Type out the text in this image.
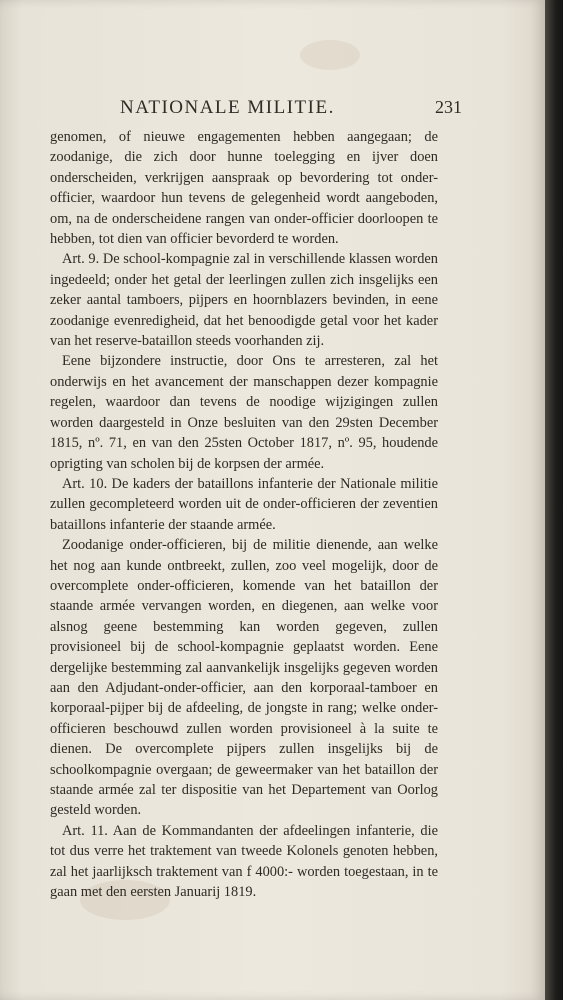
NATIONALE MILITIE.	231

genomen, of nieuwe engagementen hebben aangegaan; de zoodanige, die zich door hunne toelegging en ijver doen onderscheiden, verkrijgen aanspraak op bevordering tot onder-officier, waardoor hun tevens de gelegenheid wordt aangeboden, om, na de onderscheidene rangen van onder-officier doorloopen te hebben, tot dien van officier bevorderd te worden.

Art. 9. De school-kompagnie zal in verschillende klassen worden ingedeeld; onder het getal der leerlingen zullen zich insgelijks een zeker aantal tamboers, pijpers en hoornblazers bevinden, in eene zoodanige evenredigheid, dat het benoodigde getal voor het kader van het reserve-bataillon steeds voorhanden zij.

Eene bijzondere instructie, door Ons te arresteren, zal het onderwijs en het avancement der manschappen dezer kompagnie regelen, waardoor dan tevens de noodige wijzigingen zullen worden daargesteld in Onze besluiten van den 29sten December 1815, nº. 71, en van den 25sten October 1817, nº. 95, houdende oprigting van scholen bij de korpsen der armée.

Art. 10. De kaders der bataillons infanterie der Nationale militie zullen gecompleteerd worden uit de onder-officieren der zeventien bataillons infanterie der staande armée.

Zoodanige onder-officieren, bij de militie dienende, aan welke het nog aan kunde ontbreekt, zullen, zoo veel mogelijk, door de overcomplete onder-officieren, komende van het bataillon der staande armée vervangen worden, en diegenen, aan welke voor alsnog geene bestemming kan worden gegeven, zullen provisioneel bij de school-kompagnie geplaatst worden. Eene dergelijke bestemming zal aanvankelijk insgelijks gegeven worden aan den Adjudant-onder-officier, aan den korporaal-tamboer en korporaal-pijper bij de afdeeling, de jongste in rang; welke onder-officieren beschouwd zullen worden provisioneel à la suite te dienen. De overcomplete pijpers zullen insgelijks bij de schoolkompagnie overgaan; de geweermaker van het bataillon der staande armée zal ter dispositie van het Departement van Oorlog gesteld worden.

Art. 11. Aan de Kommandanten der afdeelingen infanterie, die tot dus verre het traktement van tweede Kolonels genoten hebben, zal het jaarlijksch traktement van f 4000:- worden toegestaan, in te gaan met den eersten Januarij 1819.
